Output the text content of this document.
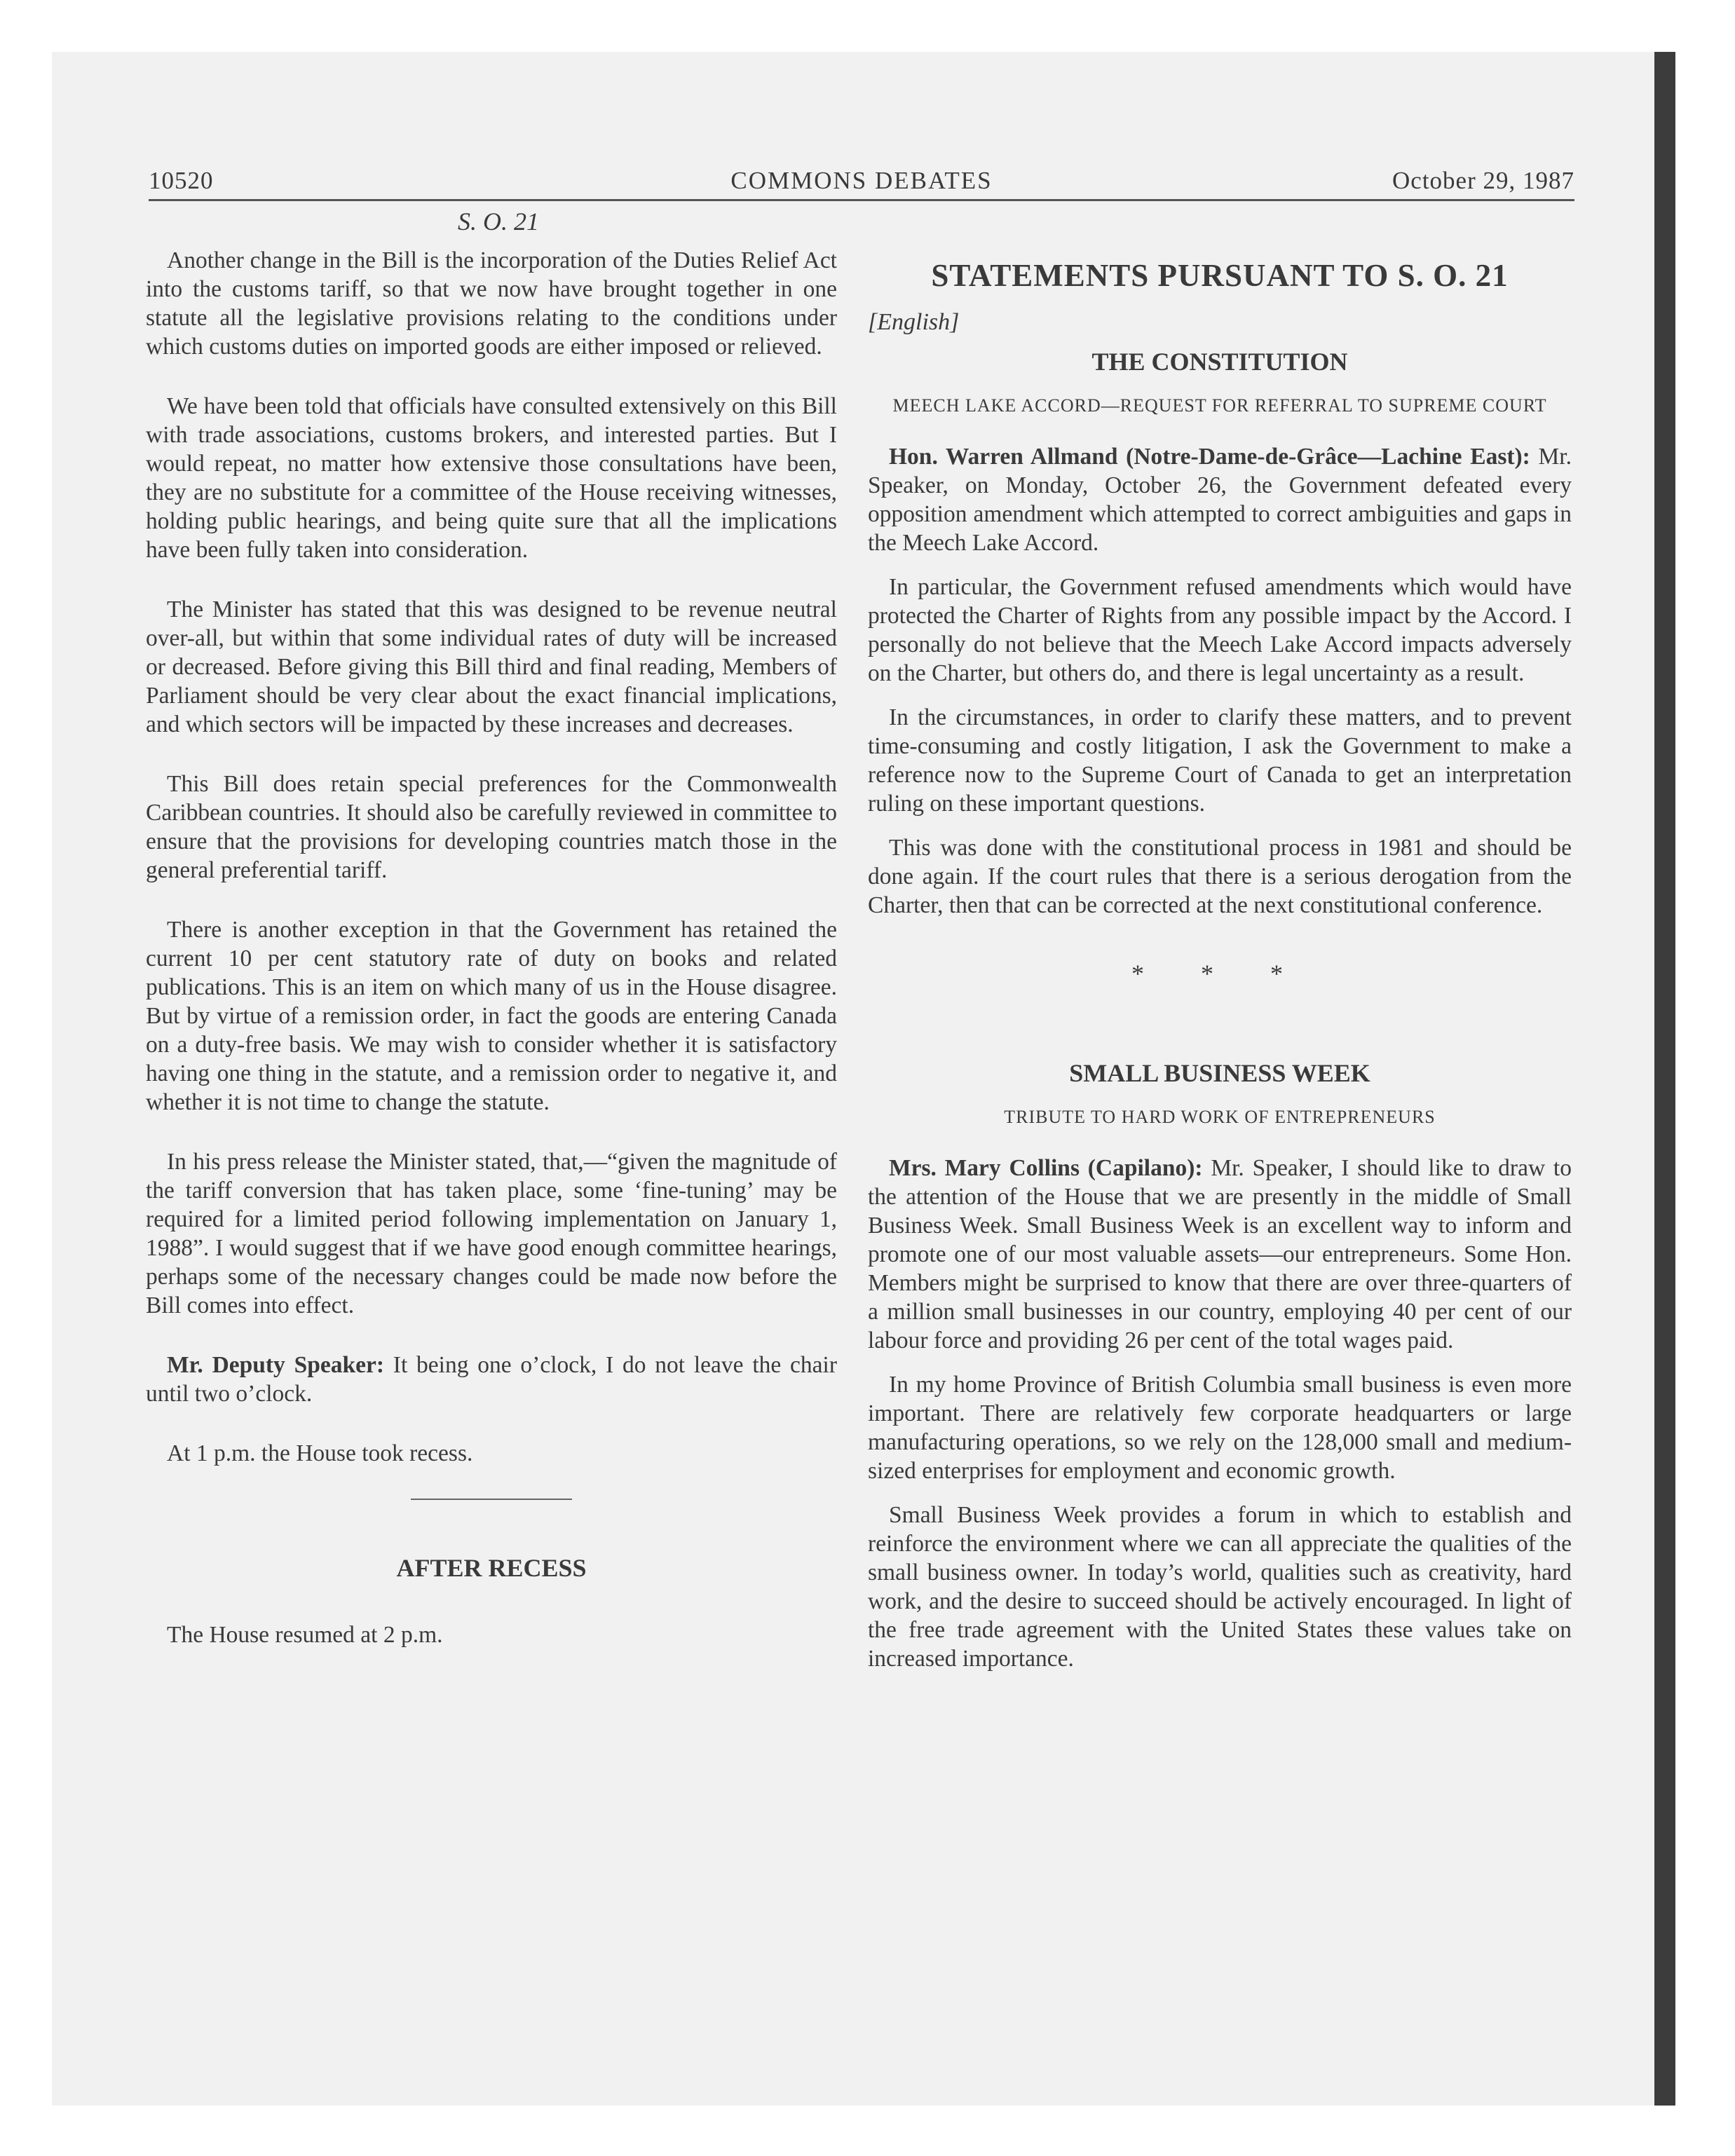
10520	COMMONS DEBATES	October 29, 1987
S. O. 21

Another change in the Bill is the incorporation of the Duties Relief Act into the customs tariff, so that we now have brought together in one statute all the legislative provisions relating to the conditions under which customs duties on imported goods are either imposed or relieved.

We have been told that officials have consulted extensively on this Bill with trade associations, customs brokers, and interested parties. But I would repeat, no matter how extensive those consultations have been, they are no substitute for a committee of the House receiving witnesses, holding public hearings, and being quite sure that all the implications have been fully taken into consideration.

The Minister has stated that this was designed to be revenue neutral over-all, but within that some individual rates of duty will be increased or decreased. Before giving this Bill third and final reading, Members of Parliament should be very clear about the exact financial implications, and which sectors will be impacted by these increases and decreases.

This Bill does retain special preferences for the Commonwealth Caribbean countries. It should also be carefully reviewed in committee to ensure that the provisions for developing countries match those in the general preferential tariff.

There is another exception in that the Government has retained the current 10 per cent statutory rate of duty on books and related publications. This is an item on which many of us in the House disagree. But by virtue of a remission order, in fact the goods are entering Canada on a duty-free basis. We may wish to consider whether it is satisfactory having one thing in the statute, and a remission order to negative it, and whether it is not time to change the statute.

In his press release the Minister stated, that,—“given the magnitude of the tariff conversion that has taken place, some ‘fine-tuning’ may be required for a limited period following implementation on January 1, 1988”. I would suggest that if we have good enough committee hearings, perhaps some of the necessary changes could be made now before the Bill comes into effect.

Mr. Deputy Speaker: It being one o’clock, I do not leave the chair until two o’clock.

At 1 p.m. the House took recess.

AFTER RECESS

The House resumed at 2 p.m.

STATEMENTS PURSUANT TO S. O. 21
[English]
THE CONSTITUTION
MEECH LAKE ACCORD—REQUEST FOR REFERRAL TO SUPREME COURT

Hon. Warren Allmand (Notre-Dame-de-Grâce—Lachine East): Mr. Speaker, on Monday, October 26, the Government defeated every opposition amendment which attempted to correct ambiguities and gaps in the Meech Lake Accord.

In particular, the Government refused amendments which would have protected the Charter of Rights from any possible impact by the Accord. I personally do not believe that the Meech Lake Accord impacts adversely on the Charter, but others do, and there is legal uncertainty as a result.

In the circumstances, in order to clarify these matters, and to prevent time-consuming and costly litigation, I ask the Government to make a reference now to the Supreme Court of Canada to get an interpretation ruling on these important questions.

This was done with the constitutional process in 1981 and should be done again. If the court rules that there is a serious derogation from the Charter, then that can be corrected at the next constitutional conference.

* * *
SMALL BUSINESS WEEK
TRIBUTE TO HARD WORK OF ENTREPRENEURS

Mrs. Mary Collins (Capilano): Mr. Speaker, I should like to draw to the attention of the House that we are presently in the middle of Small Business Week. Small Business Week is an excellent way to inform and promote one of our most valuable assets—our entrepreneurs. Some Hon. Members might be surprised to know that there are over three-quarters of a million small businesses in our country, employing 40 per cent of our labour force and providing 26 per cent of the total wages paid.

In my home Province of British Columbia small business is even more important. There are relatively few corporate headquarters or large manufacturing operations, so we rely on the 128,000 small and medium-sized enterprises for employment and economic growth.

Small Business Week provides a forum in which to establish and reinforce the environment where we can all appreciate the qualities of the small business owner. In today’s world, qualities such as creativity, hard work, and the desire to succeed should be actively encouraged. In light of the free trade agreement with the United States these values take on increased importance.
